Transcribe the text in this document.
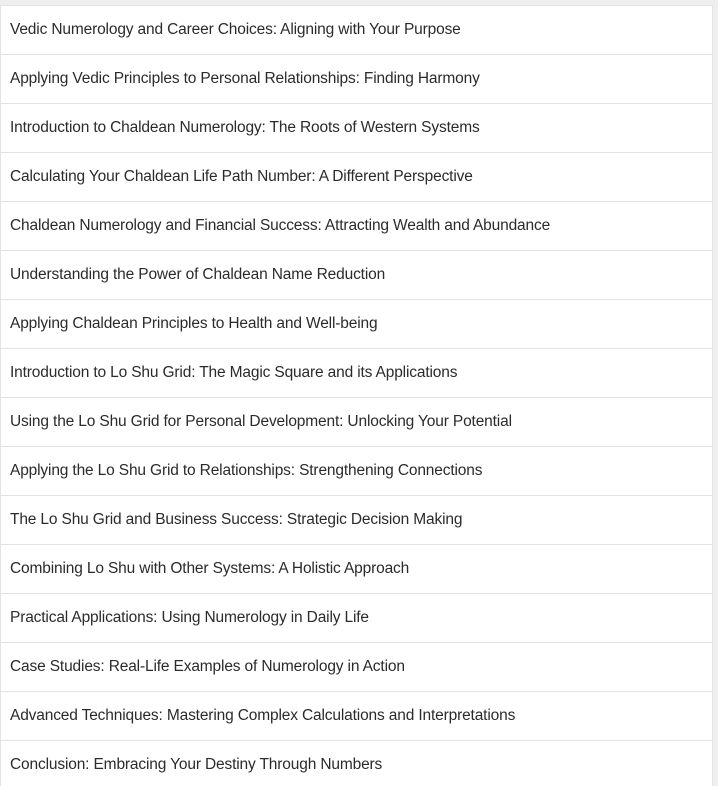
Vedic Numerology and Career Choices: Aligning with Your Purpose
Applying Vedic Principles to Personal Relationships: Finding Harmony
Introduction to Chaldean Numerology: The Roots of Western Systems
Calculating Your Chaldean Life Path Number: A Different Perspective
Chaldean Numerology and Financial Success: Attracting Wealth and Abundance
Understanding the Power of Chaldean Name Reduction
Applying Chaldean Principles to Health and Well-being
Introduction to Lo Shu Grid: The Magic Square and its Applications
Using the Lo Shu Grid for Personal Development: Unlocking Your Potential
Applying the Lo Shu Grid to Relationships: Strengthening Connections
The Lo Shu Grid and Business Success: Strategic Decision Making
Combining Lo Shu with Other Systems: A Holistic Approach
Practical Applications: Using Numerology in Daily Life
Case Studies: Real-Life Examples of Numerology in Action
Advanced Techniques: Mastering Complex Calculations and Interpretations
Conclusion: Embracing Your Destiny Through Numbers
